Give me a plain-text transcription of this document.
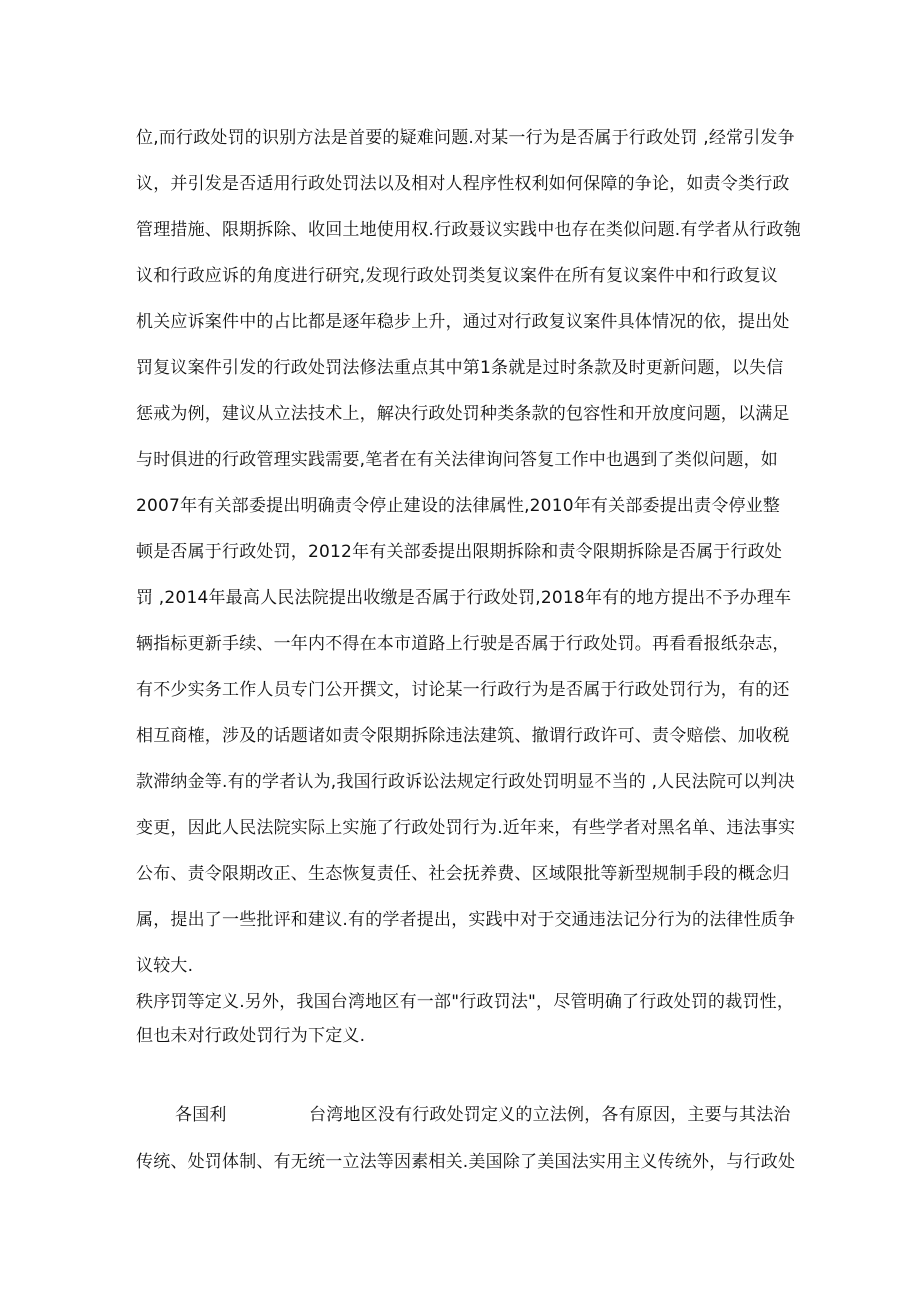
位,而行政处罚的识别方法是首要的疑难问题.对某一行为是否属于行政处罚 ,经常引发争
议，并引发是否适用行政处罚法以及相对人程序性权利如何保障的争论，如责令类行政
管理措施、限期拆除、收回土地使用权.行政聂议实践中也存在类似问题.有学者从行政匏
议和行政应诉的角度进行研究,发现行政处罚类复议案件在所有复议案件中和行政复议
机关应诉案件中的占比都是逐年稳步上升，通过对行政复议案件具体情况的依，提出处
罚复议案件引发的行政处罚法修法重点其中第1条就是过时条款及时更新问题，以失信
惩戒为例，建议从立法技术上，解决行政处罚种类条款的包容性和开放度问题，以满足
与时俱进的行政管理实践需要,笔者在有关法律询问答复工作中也遇到了类似问题，如
2007年有关部委提出明确责令停止建设的法律属性,2010年有关部委提出责令停业整
顿是否属于行政处罚，2012年有关部委提出限期拆除和责令限期拆除是否属于行政处
罚 ,2014年最高人民法院提出收缴是否属于行政处罚,2018年有的地方提出不予办理车
辆指标更新手续、一年内不得在本市道路上行驶是否属于行政处罚。再看看报纸杂志，
有不少实务工作人员专门公开撰文，讨论某一行政行为是否属于行政处罚行为，有的还
相互商榷，涉及的话题诸如责令限期拆除违法建筑、撤谓行政许可、责令赔偿、加收税
款滞纳金等.有的学者认为,我国行政诉讼法规定行政处罚明显不当的 ,人民法院可以判决
变更，因此人民法院实际上实施了行政处罚行为.近年来，有些学者对黑名单、违法事实
公布、责令限期改正、生态恢复责任、社会抚养费、区域限批等新型规制手段的概念归
属，提出了一些批评和建议.有的学者提出，实践中对于交通违法记分行为的法律性质争
议较大.
秩序罚等定义.另外，我国台湾地区有一部"行政罚法"，尽管明确了行政处罚的裁罚性，
但也未对行政处罚行为下定义.
各国利	台湾地区没有行政处罚定义的立法例，各有原因，主要与其法治
传统、处罚体制、有无统一立法等因素相关.美国除了美国法实用主义传统外，与行政处
